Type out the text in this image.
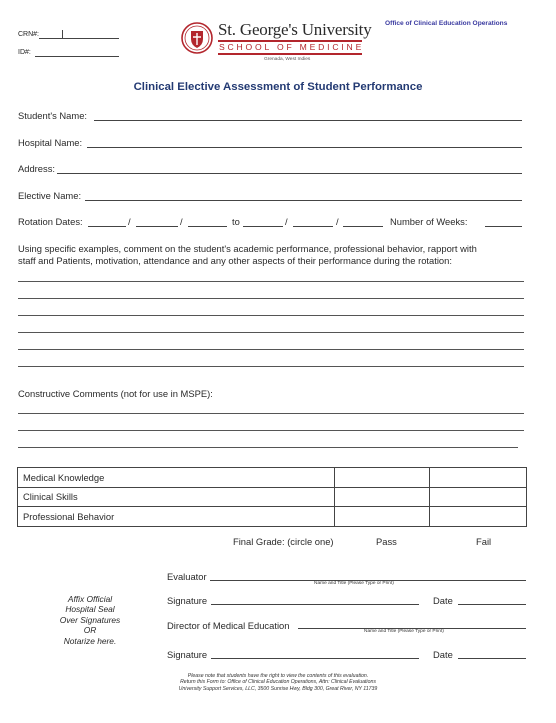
CRN#:
ID#:
St. George's University
SCHOOL OF MEDICINE
Grenada, West Indies
Office of Clinical Education Operations
Clinical Elective Assessment of Student Performance
Student's Name:
Hospital Name:
Address:
Elective Name:
Rotation Dates:	/	/	to	/	/	Number of Weeks:
Using specific examples, comment on the student's academic performance, professional behavior, rapport with
staff and Patients, motivation, attendance and any other aspects of their performance during the rotation:
Constructive Comments (not for use in MSPE):
Medical Knowledge		
Clinical Skills		
Professional Behavior		
Final Grade: (circle one)	Pass	Fail
Affix Official
Hospital Seal
Over Signatures
OR
Notarize here.
Evaluator
Name and Title (Please Type or Print)
Signature	Date
Director of Medical Education
Name and Title (Please Type or Print)
Signature	Date
Please note that students have the right to view the contents of this evaluation.
Return this Form to: Office of Clinical Education Operations, Attn: Clinical Evaluations
University Support Services, LLC, 3500 Sunrise Hwy, Bldg 300, Great River, NY 11739
